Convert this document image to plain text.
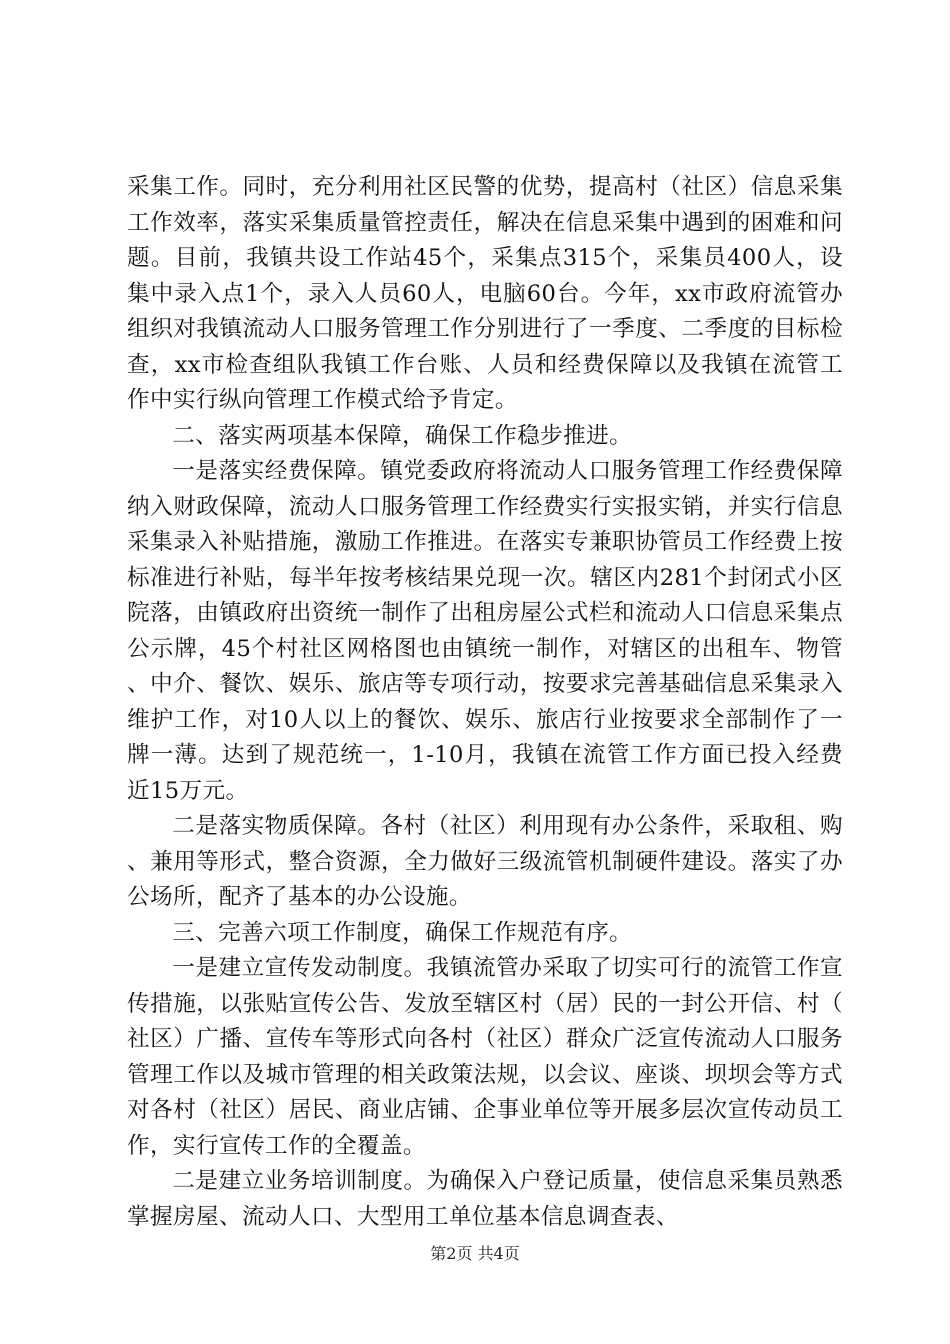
采集工作。同时，充分利用社区民警的优势，提高村（社区）信息采集工作效率，落实采集质量管控责任，解决在信息采集中遇到的困难和问题。目前，我镇共设工作站45个，采集点315个，采集员400人，设集中录入点1个，录入人员60人，电脑60台。今年，xx市政府流管办组织对我镇流动人口服务管理工作分别进行了一季度、二季度的目标检查，xx市检查组队我镇工作台账、人员和经费保障以及我镇在流管工作中实行纵向管理工作模式给予肯定。

二、落实两项基本保障，确保工作稳步推进。

一是落实经费保障。镇党委政府将流动人口服务管理工作经费保障纳入财政保障，流动人口服务管理工作经费实行实报实销，并实行信息采集录入补贴措施，激励工作推进。在落实专兼职协管员工作经费上按标准进行补贴，每半年按考核结果兑现一次。辖区内281个封闭式小区院落，由镇政府出资统一制作了出租房屋公式栏和流动人口信息采集点公示牌，45个村社区网格图也由镇统一制作，对辖区的出租车、物管、中介、餐饮、娱乐、旅店等专项行动，按要求完善基础信息采集录入维护工作，对10人以上的餐饮、娱乐、旅店行业按要求全部制作了一牌一薄。达到了规范统一，1-10月，我镇在流管工作方面已投入经费近15万元。

二是落实物质保障。各村（社区）利用现有办公条件，采取租、购、兼用等形式，整合资源，全力做好三级流管机制硬件建设。落实了办公场所，配齐了基本的办公设施。

三、完善六项工作制度，确保工作规范有序。

一是建立宣传发动制度。我镇流管办采取了切实可行的流管工作宣传措施，以张贴宣传公告、发放至辖区村（居）民的一封公开信、村（社区）广播、宣传车等形式向各村（社区）群众广泛宣传流动人口服务管理工作以及城市管理的相关政策法规，以会议、座谈、坝坝会等方式对各村（社区）居民、商业店铺、企事业单位等开展多层次宣传动员工作，实行宣传工作的全覆盖。

二是建立业务培训制度。为确保入户登记质量，使信息采集员熟悉掌握房屋、流动人口、大型用工单位基本信息调查表、

第2页 共4页
